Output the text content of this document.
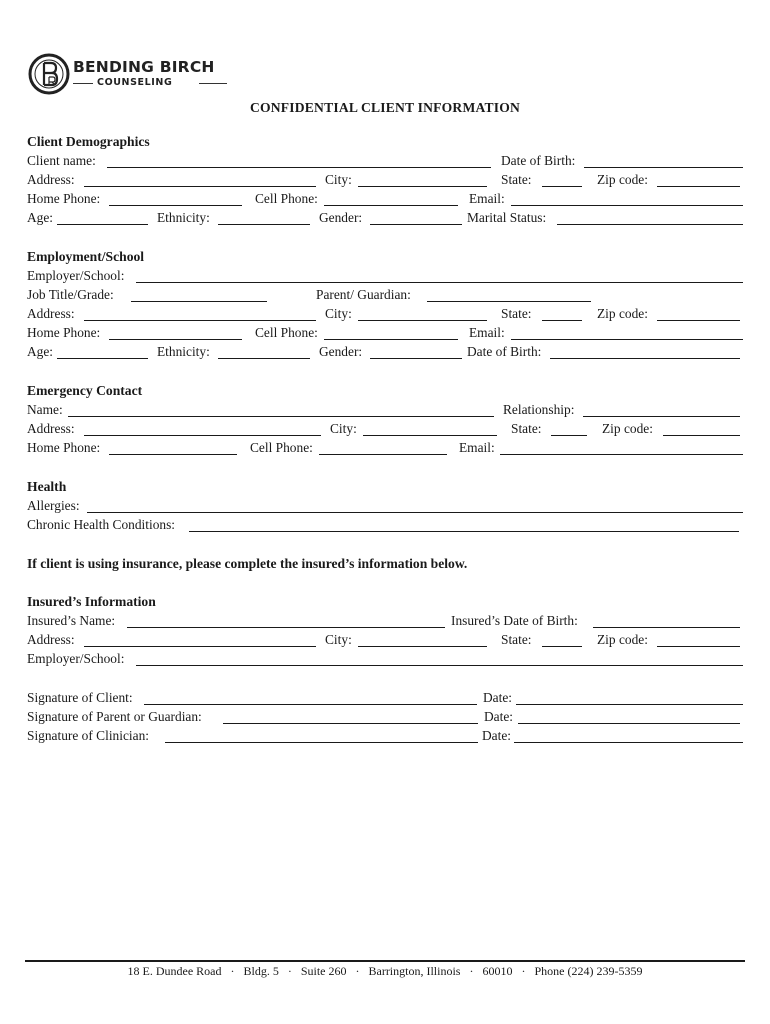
BENDING BIRCH
COUNSELING
CONFIDENTIAL CLIENT INFORMATION
Client Demographics
Client name:	Date of Birth:
Address:	City:	State:	Zip code:
Home Phone:	Cell Phone:	Email:
Age:	Ethnicity:	Gender:	Marital Status:
Employment/School
Employer/School:
Job Title/Grade:	Parent/ Guardian:
Address:	City:	State:	Zip code:
Home Phone:	Cell Phone:	Email:
Age:	Ethnicity:	Gender:	Date of Birth:
Emergency Contact
Name:	Relationship:
Address:	City:	State:	Zip code:
Home Phone:	Cell Phone:	Email:
Health
Allergies:
Chronic Health Conditions:
If client is using insurance, please complete the insured’s information below.
Insured’s Information
Insured’s Name:	Insured’s Date of Birth:
Address:	City:	State:	Zip code:
Employer/School:
Signature of Client:	Date:
Signature of Parent or Guardian:	Date:
Signature of Clinician:	Date:
18 E. Dundee Road   ·   Bldg. 5   ·   Suite 260   ·   Barrington, Illinois   ·   60010   ·   Phone (224) 239-5359
